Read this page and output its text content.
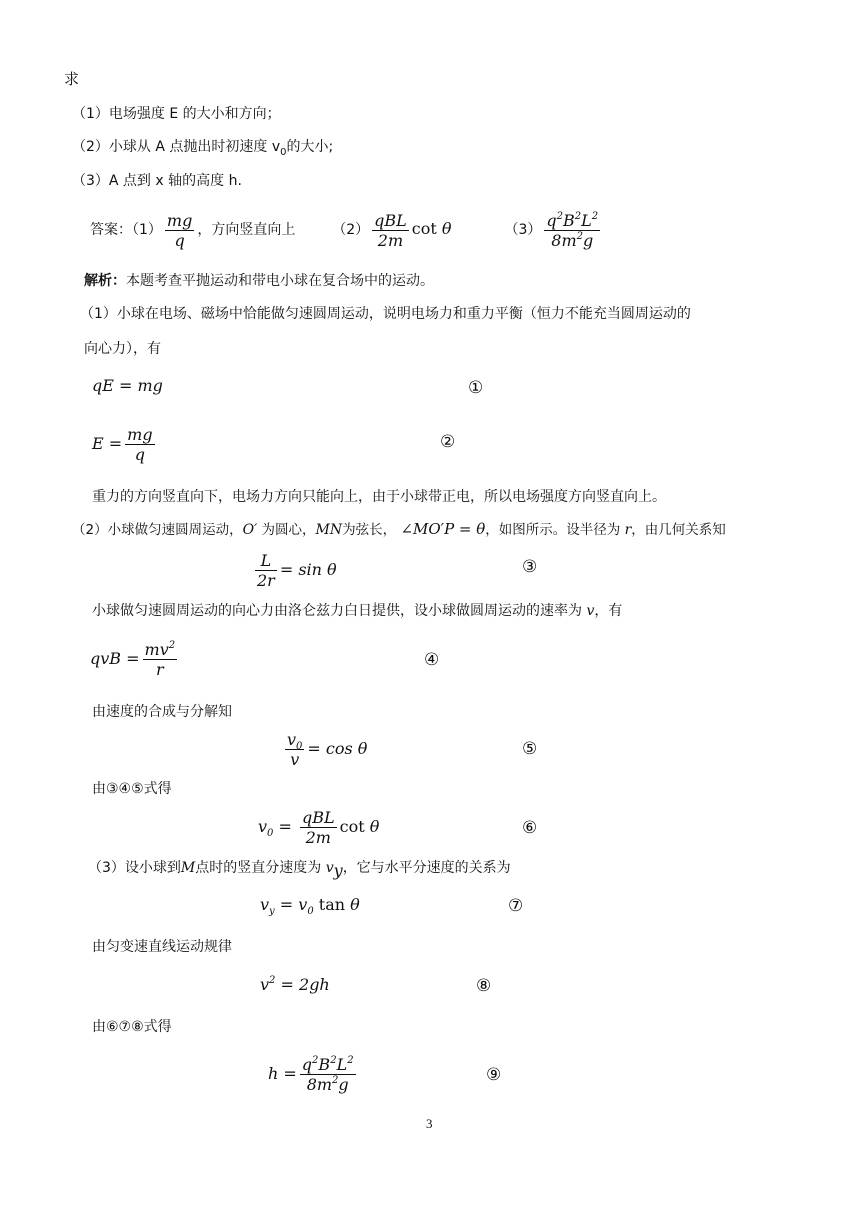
求
（1）电场强度 E 的大小和方向；
（2）小球从 A 点抛出时初速度 $v_0$的大小;
（3）A 点到 x 轴的高度 h.
答案：$(1) \frac{mg}{q}$ ，方向竖直向上	$(2) \frac{\text{qBL}}{2m}$ cot θ	$(3) \frac{q^2B^2L^2}{8m^2g}$
解析：本题考查平抛运动和带电小球在复合场中的运动。
（1）小球在电场、磁场中恰能做匀速圆周运动，说明电场力和重力平衡（恒力不能充当圆周运动的
向心力），有
qE = mg	①
$E = \frac{mg}{q}$	②
重力的方向竖直向下，电场力方向只能向上，由于小球带正电，所以电场强度方向竖直向上。
（2）小球做匀速圆周运动，O′ 为圆心，MN为弦长， ∠MO′P = θ，如图所示。设半径为 r，由几何关系知
$\frac{L}{2r} = \sin \theta$	③
小球做匀速圆周运动的向心力由洛仑兹力白日提供，设小球做圆周运动的速率为 v，有
qvB = $\frac{mv^2}{r}$	④
由速度的合成与分解知
$\frac{v_0}{v} = \cos \theta$	⑤
由③④⑤式得
$v_0 = \frac{\text{qBL}}{2m}$ cot θ	⑥
（3）设小球到M点时的竖直分速度为 $v_y$，它与水平分速度的关系为
$v_y = v_0$ tan θ	⑦
由匀变速直线运动规律
$v^2 = 2gh$	⑧
由⑥⑦⑧式得
$h = \frac{q^2B^2L^2}{8m^2g}$	⑨
3
